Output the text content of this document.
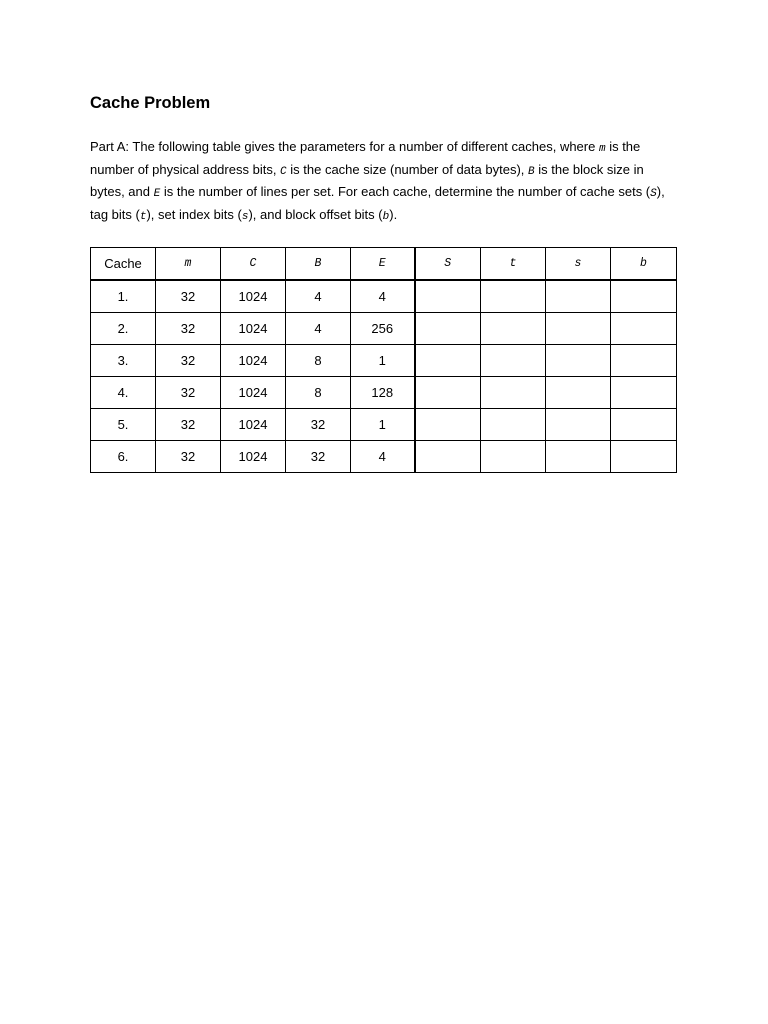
Cache Problem

Part A: The following table gives the parameters for a number of different caches, where m is the number of physical address bits, C is the cache size (number of data bytes), B is the block size in bytes, and E is the number of lines per set. For each cache, determine the number of cache sets (S), tag bits (t), set index bits (s), and block offset bits (b).

Cache	m	C	B	E	S	t	s	b
1.	32	1024	4	4				
2.	32	1024	4	256				
3.	32	1024	8	1				
4.	32	1024	8	128				
5.	32	1024	32	1				
6.	32	1024	32	4				
